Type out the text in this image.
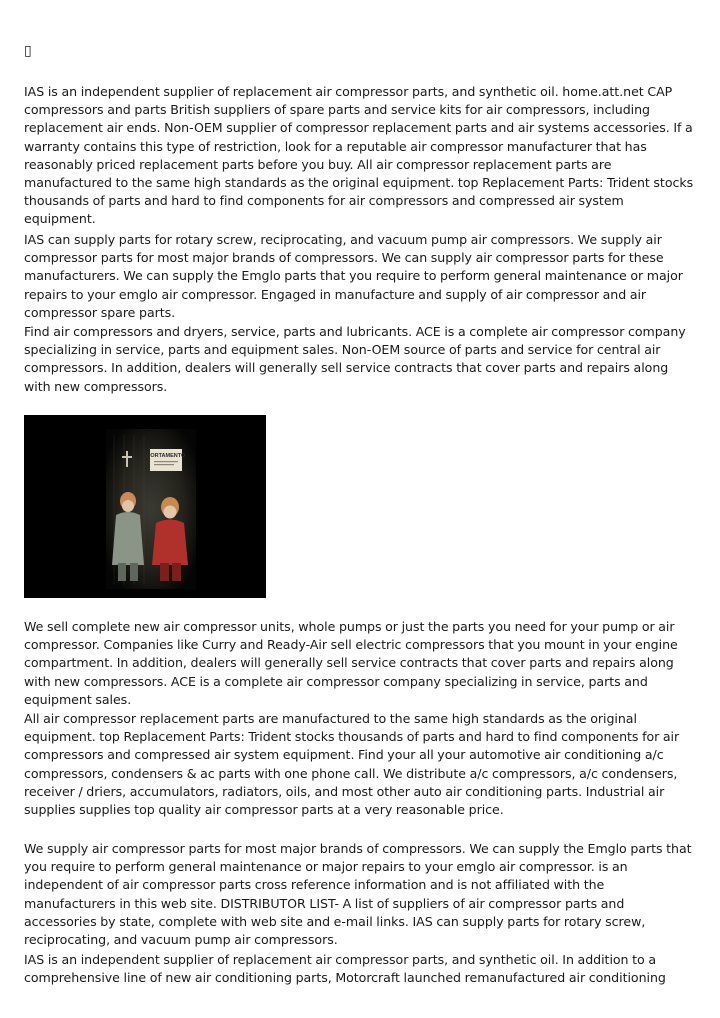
▯

IAS is an independent supplier of replacement air compressor parts, and synthetic oil. home.att.net CAP compressors and parts British suppliers of spare parts and service kits for air compressors, including replacement air ends. Non-OEM supplier of compressor replacement parts and air systems accessories. If a warranty contains this type of restriction, look for a reputable air compressor manufacturer that has reasonably priced replacement parts before you buy. All air compressor replacement parts are manufactured to the same high standards as the original equipment. top Replacement Parts: Trident stocks thousands of parts and hard to find components for air compressors and compressed air system equipment.

IAS can supply parts for rotary screw, reciprocating, and vacuum pump air compressors. We supply air compressor parts for most major brands of compressors. We can supply air compressor parts for these manufacturers. We can supply the Emglo parts that you require to perform general maintenance or major repairs to your emglo air compressor. Engaged in manufacture and supply of air compressor and air compressor spare parts.

Find air compressors and dryers, service, parts and lubricants. ACE is a complete air compressor company specializing in service, parts and equipment sales. Non-OEM source of parts and service for central air compressors. In addition, dealers will generally sell service contracts that cover parts and repairs along with new compressors.

PORTAMENTO

We sell complete new air compressor units, whole pumps or just the parts you need for your pump or air compressor. Companies like Curry and Ready-Air sell electric compressors that you mount in your engine compartment. In addition, dealers will generally sell service contracts that cover parts and repairs along with new compressors. ACE is a complete air compressor company specializing in service, parts and equipment sales.

All air compressor replacement parts are manufactured to the same high standards as the original equipment. top Replacement Parts: Trident stocks thousands of parts and hard to find components for air compressors and compressed air system equipment. Find your all your automotive air conditioning a/c compressors, condensers & ac parts with one phone call. We distribute a/c compressors, a/c condensers, receiver / driers, accumulators, radiators, oils, and most other auto air conditioning parts. Industrial air supplies supplies top quality air compressor parts at a very reasonable price.

We supply air compressor parts for most major brands of compressors. We can supply the Emglo parts that you require to perform general maintenance or major repairs to your emglo air compressor. is an independent of air compressor parts cross reference information and is not affiliated with the manufacturers in this web site. DISTRIBUTOR LIST- A list of suppliers of air compressor parts and accessories by state, complete with web site and e-mail links. IAS can supply parts for rotary screw, reciprocating, and vacuum pump air compressors.

IAS is an independent supplier of replacement air compressor parts, and synthetic oil. In addition to a comprehensive line of new air conditioning parts, Motorcraft launched remanufactured air conditioning
